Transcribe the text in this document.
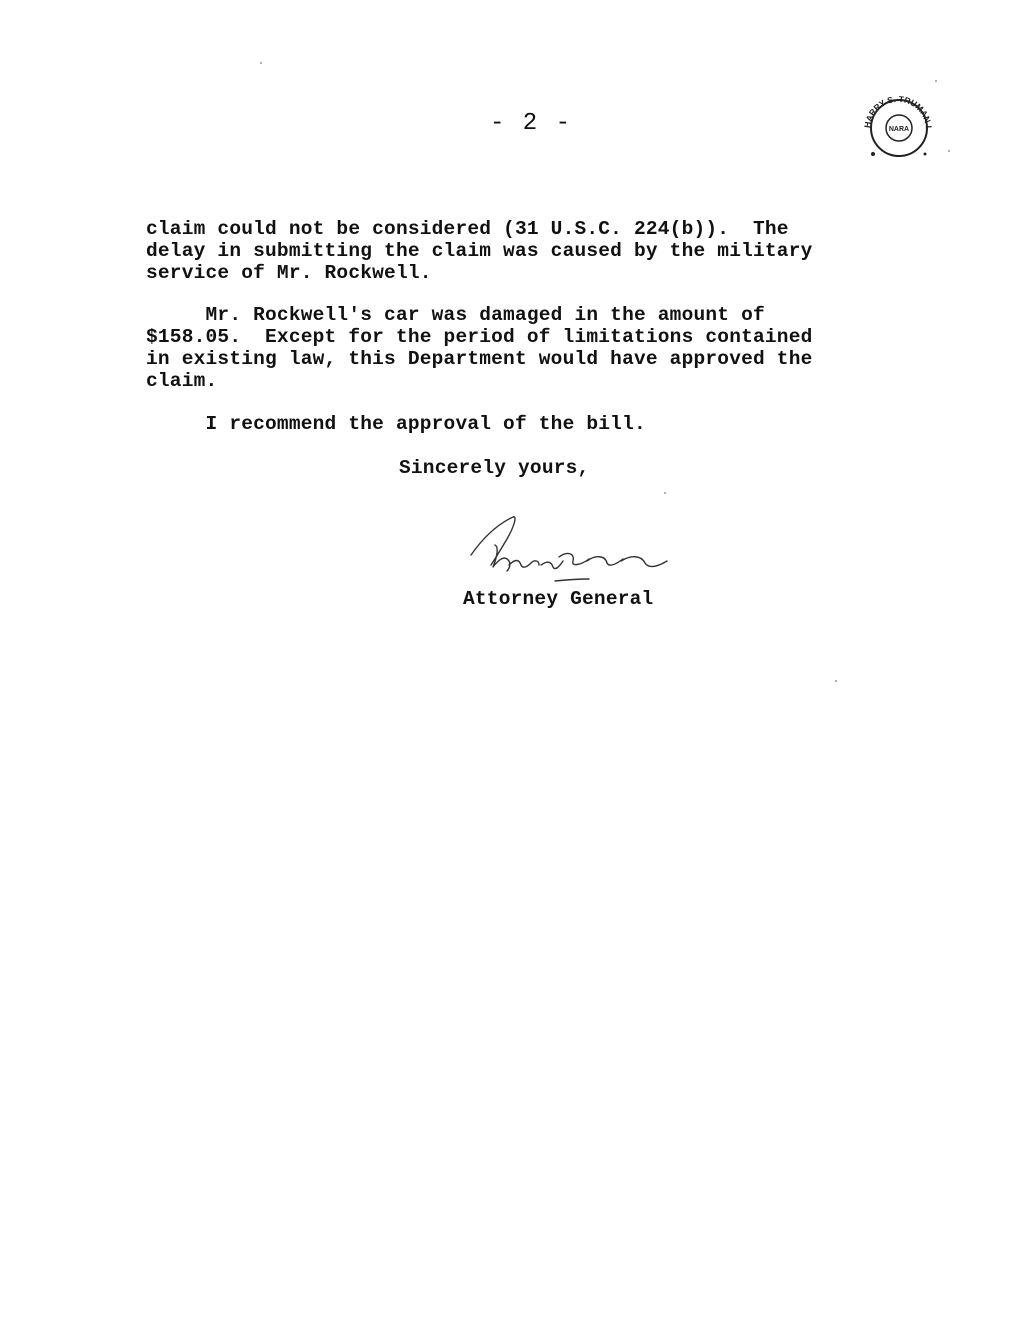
- 2 -	HARRY S. TRUMAN L
NARA
claim could not be considered (31 U.S.C. 224(b)).  The
delay in submitting the claim was caused by the military
service of Mr. Rockwell.
Mr. Rockwell's car was damaged in the amount of
$158.05.  Except for the period of limitations contained
in existing law, this Department would have approved the
claim.
I recommend the approval of the bill.
Sincerely yours,
Attorney General
